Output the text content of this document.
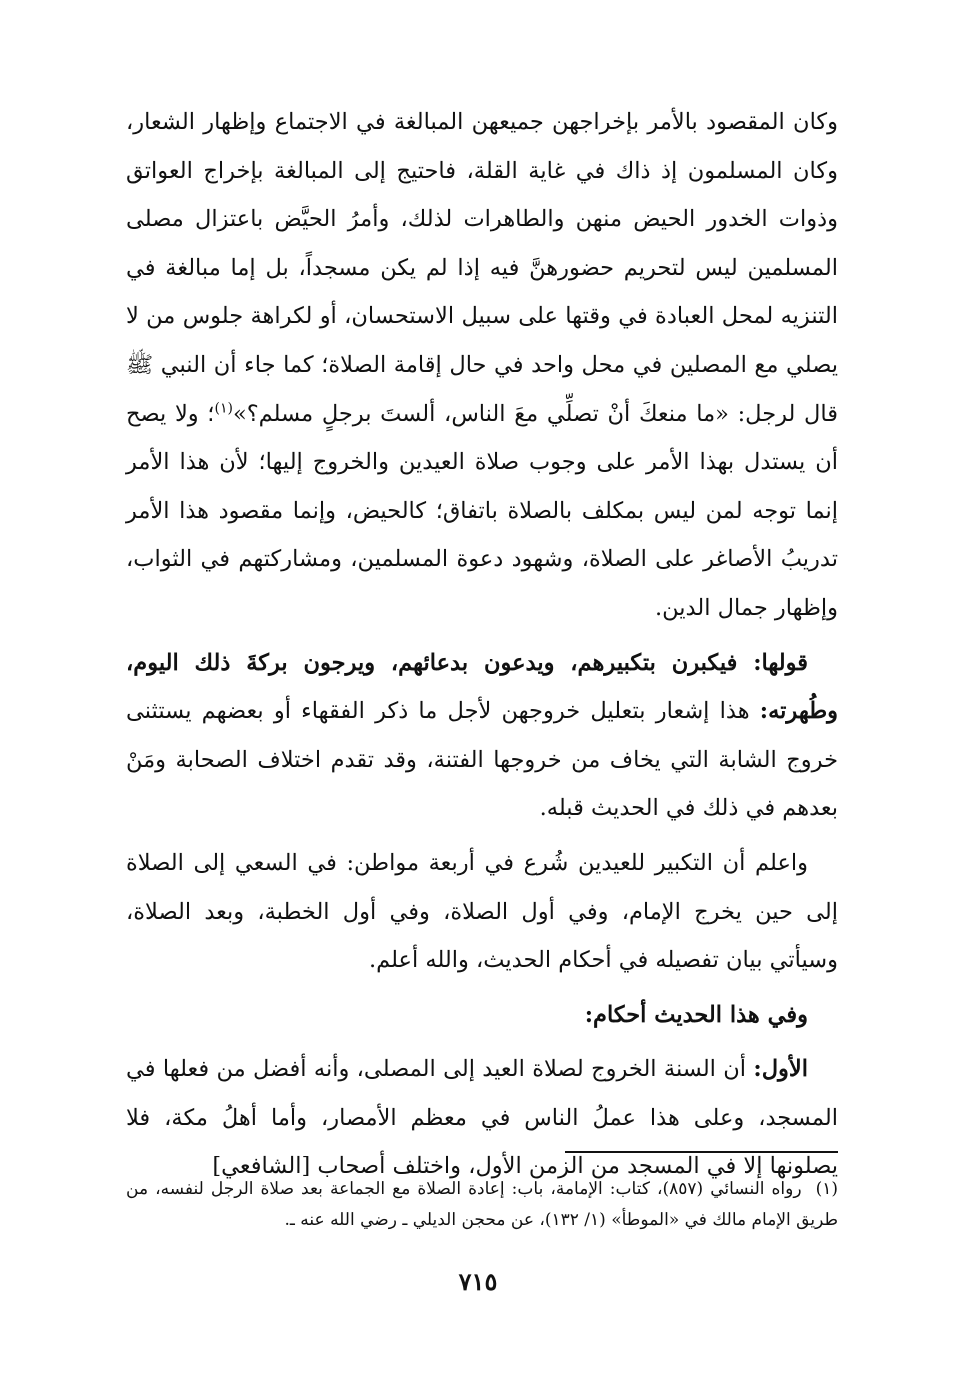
وكان المقصود بالأمر بإخراجهن جميعهن المبالغة في الاجتماع وإظهار الشعار، وكان المسلمون إذ ذاك في غاية القلة، فاحتيج إلى المبالغة بإخراج العواتق وذوات الخدور الحيض منهن والطاهرات لذلك، وأمرُ الحيَّض باعتزال مصلى المسلمين ليس لتحريم حضورهنَّ فيه إذا لم يكن مسجداً، بل إما مبالغة في التنزيه لمحل العبادة في وقتها على سبيل الاستحسان، أو لكراهة جلوس من لا يصلي مع المصلين في محل واحد في حال إقامة الصلاة؛ كما جاء أن النبي ﷺ قال لرجل: «ما منعكَ أنْ تصلِّي معَ الناس، ألستَ برجلٍ مسلم؟»$^{(١)}$؛ ولا يصح أن يستدل بهذا الأمر على وجوب صلاة العيدين والخروج إليها؛ لأن هذا الأمر إنما توجه لمن ليس بمكلف بالصلاة باتفاق؛ كالحيض، وإنما مقصود هذا الأمر تدريبُ الأصاغر على الصلاة، وشهود دعوة المسلمين، ومشاركتهم في الثواب، وإظهار جمال الدين.

قولها: فيكبرن بتكبيرهم، ويدعون بدعائهم، ويرجون بركةَ ذلك اليوم، وطُهرته: هذا إشعار بتعليل خروجهن لأجل ما ذكر الفقهاء أو بعضهم يستثنى خروج الشابة التي يخاف من خروجها الفتنة، وقد تقدم اختلاف الصحابة ومَنْ بعدهم في ذلك في الحديث قبله.

واعلم أن التكبير للعيدين شُرع في أربعة مواطن: في السعي إلى الصلاة إلى حين يخرج الإمام، وفي أول الصلاة، وفي أول الخطبة، وبعد الصلاة، وسيأتي بيان تفصيله في أحكام الحديث، والله أعلم.

وفي هذا الحديث أحكام:

الأول: أن السنة الخروج لصلاة العيد إلى المصلى، وأنه أفضل من فعلها في المسجد، وعلى هذا عملُ الناس في معظم الأمصار، وأما أهلُ مكة، فلا يصلونها إلا في المسجد من الزمن الأول، واختلف أصحاب [الشافعي]

(١)رواه النسائي (٨٥٧)، كتاب: الإمامة، باب: إعادة الصلاة مع الجماعة بعد صلاة الرجل لنفسه، من طريق الإمام مالك في «الموطأ» (١/ ١٣٢)، عن محجن الديلي ـ رضي الله عنه ـ.
٧١٥
